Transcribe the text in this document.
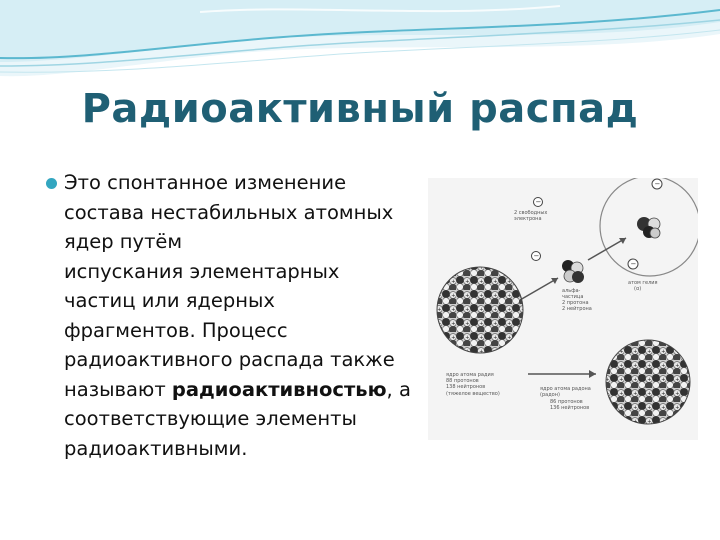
Радиоактивный распад
Это спонтанное изменение
состава нестабильных атомных
ядер путём
испускания элементарных
частиц или ядерных
фрагментов. Процесс
радиоактивного распада также
называют радиоактивностью, а
соответствующие элементы
радиоактивными.
−
−
−
−
2 свободных электрона
атом гелия (α)
альфа-частица 2 протона 2 нейтрона
ядро атома радия 88 протонов 138 нейтронов (тяжелое вещество)
ядро атома радона (радон) 86 протонов 136 нейтронов
